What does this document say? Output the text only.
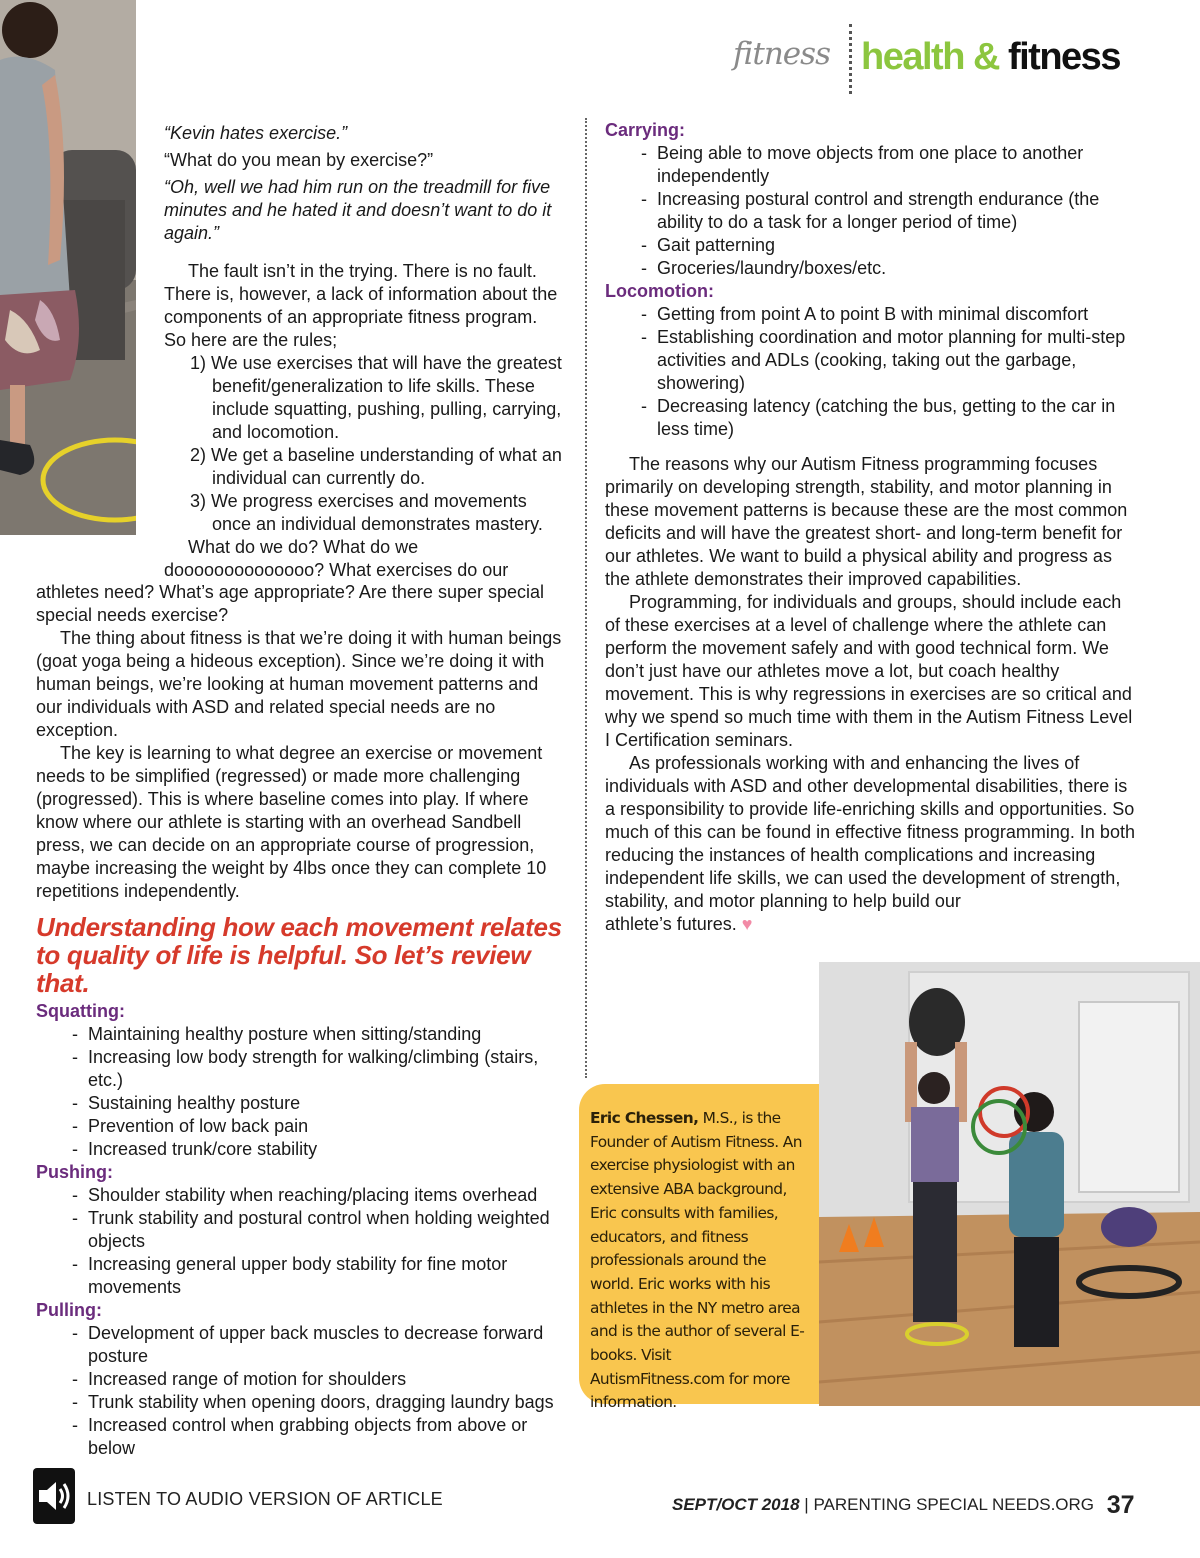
fitness health & fitness

“Kevin hates exercise.”

“What do you mean by exercise?”

“Oh, well we had him run on the treadmill for five minutes and he hated it and doesn’t want to do it again.”

The fault isn’t in the trying. There is no fault. There is, however, a lack of information about the components of an appropriate fitness program. So here are the rules;

1) We use exercises that will have the greatest benefit/generalization to life skills. These include squatting, pushing, pulling, carrying, and locomotion.
2) We get a baseline understanding of what an individual can currently do.
3) We progress exercises and movements once an individual demonstrates mastery.

What do we do? What do we

doooooooooooooo? What exercises do our

athletes need? What’s age appropriate? Are there super special special needs exercise?

The thing about fitness is that we’re doing it with human beings (goat yoga being a hideous exception). Since we’re doing it with human beings, we’re looking at human movement patterns and our individuals with ASD and related special needs are no exception.

The key is learning to what degree an exercise or movement needs to be simplified (regressed) or made more challenging (progressed). This is where baseline comes into play. If where know where our athlete is starting with an overhead Sandbell press, we can decide on an appropriate course of progression, maybe increasing the weight by 4lbs once they can complete 10 repetitions independently.

Understanding how each movement relates to quality of life is helpful. So let’s review that.
Squatting:
- Maintaining healthy posture when sitting/standing
- Increasing low body strength for walking/climbing (stairs, etc.)
- Sustaining healthy posture
- Prevention of low back pain
- Increased trunk/core stability
Pushing:
- Shoulder stability when reaching/placing items overhead
- Trunk stability and postural control when holding weighted objects
- Increasing general upper body stability for fine motor movements
Pulling:
- Development of upper back muscles to decrease forward posture
- Increased range of motion for shoulders
- Trunk stability when opening doors, dragging laundry bags
- Increased control when grabbing objects from above or below
Carrying:
- Being able to move objects from one place to another independently
- Increasing postural control and strength endurance (the ability to do a task for a longer period of time)
- Gait patterning
- Groceries/laundry/boxes/etc.
Locomotion:
- Getting from point A to point B with minimal discomfort
- Establishing coordination and motor planning for multi-step activities and ADLs (cooking, taking out the garbage, showering)
- Decreasing latency (catching the bus, getting to the car in less time)

The reasons why our Autism Fitness programming focuses primarily on developing strength, stability, and motor planning in these movement patterns is because these are the most common deficits and will have the greatest short- and long-term benefit for our athletes. We want to build a physical ability and progress as the athlete demonstrates their improved capabilities.

Programming, for individuals and groups, should include each of these exercises at a level of challenge where the athlete can perform the movement safely and with good technical form. We don’t just have our athletes move a lot, but coach healthy movement. This is why regressions in exercises are so critical and why we spend so much time with them in the Autism Fitness Level I Certification seminars.

As professionals working with and enhancing the lives of individuals with ASD and other developmental disabilities, there is a responsibility to provide life-enriching skills and opportunities. So much of this can be found in effective fitness programming. In both reducing the instances of health complications and increasing independent life skills, we can used the development of strength, stability, and motor planning to help build our

athlete’s futures. ♥

Eric Chessen, M.S., is the Founder of Autism Fitness. An exercise physiologist with an extensive ABA background, Eric consults with families, educators, and fitness professionals around the world. Eric works with his athletes in the NY metro area and is the author of several E-books. Visit AutismFitness.com for more information.
LISTEN TO AUDIO VERSION OF ARTICLE	SEPT/OCT 2018 | PARENTING SPECIAL NEEDS.ORG 37
